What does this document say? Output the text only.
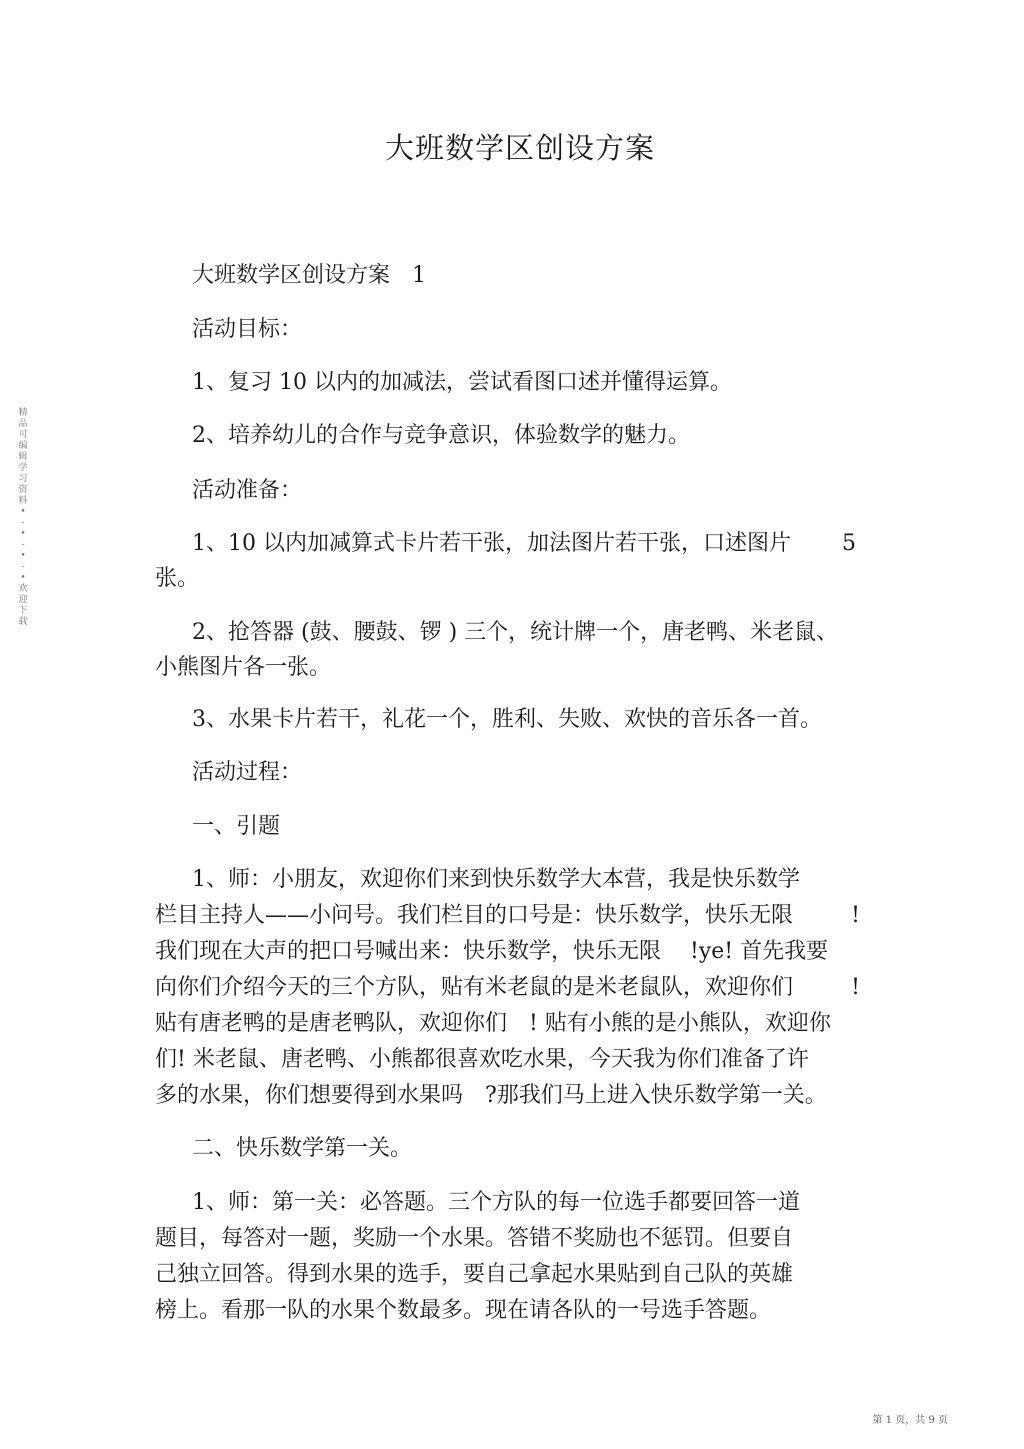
大班数学区创设方案
精
品
可
编
辑
学
习
资
料
•
-
•
-
•
-
•
欢
迎
下
载
大班数学区创设方案　1
活动目标：
1、复习 10 以内的加减法，尝试看图口述并懂得运算。
2、培养幼儿的合作与竞争意识，体验数学的魅力。
活动准备：
1、10 以内加减算式卡片若干张，加法图片若干张，口述图片 5
张。
2、抢答器 (鼓、腰鼓、锣 ) 三个，统计牌一个，唐老鸭、米老鼠、
小熊图片各一张。
3、水果卡片若干，礼花一个，胜利、失败、欢快的音乐各一首。
活动过程：
一、引题
1、师：小朋友，欢迎你们来到快乐数学大本营，我是快乐数学
栏目主持人——小问号。我们栏目的口号是：快乐数学，快乐无限	!
我们现在大声的把口号喊出来：快乐数学，快乐无限　 !ye! 首先我要
向你们介绍今天的三个方队，贴有米老鼠的是米老鼠队，欢迎你们	!
贴有唐老鸭的是唐老鸭队，欢迎你们　! 贴有小熊的是小熊队，欢迎你
们! 米老鼠、唐老鸭、小熊都很喜欢吃水果，今天我为你们准备了许
多的水果，你们想要得到水果吗　?那我们马上进入快乐数学第一关。
二、快乐数学第一关。
1、师：第一关：必答题。三个方队的每一位选手都要回答一道
题目，每答对一题，奖励一个水果。答错不奖励也不惩罚。但要自
己独立回答。得到水果的选手，要自己拿起水果贴到自己队的英雄
榜上。看那一队的水果个数最多。现在请各队的一号选手答题。
第 1 页，共 9 页
